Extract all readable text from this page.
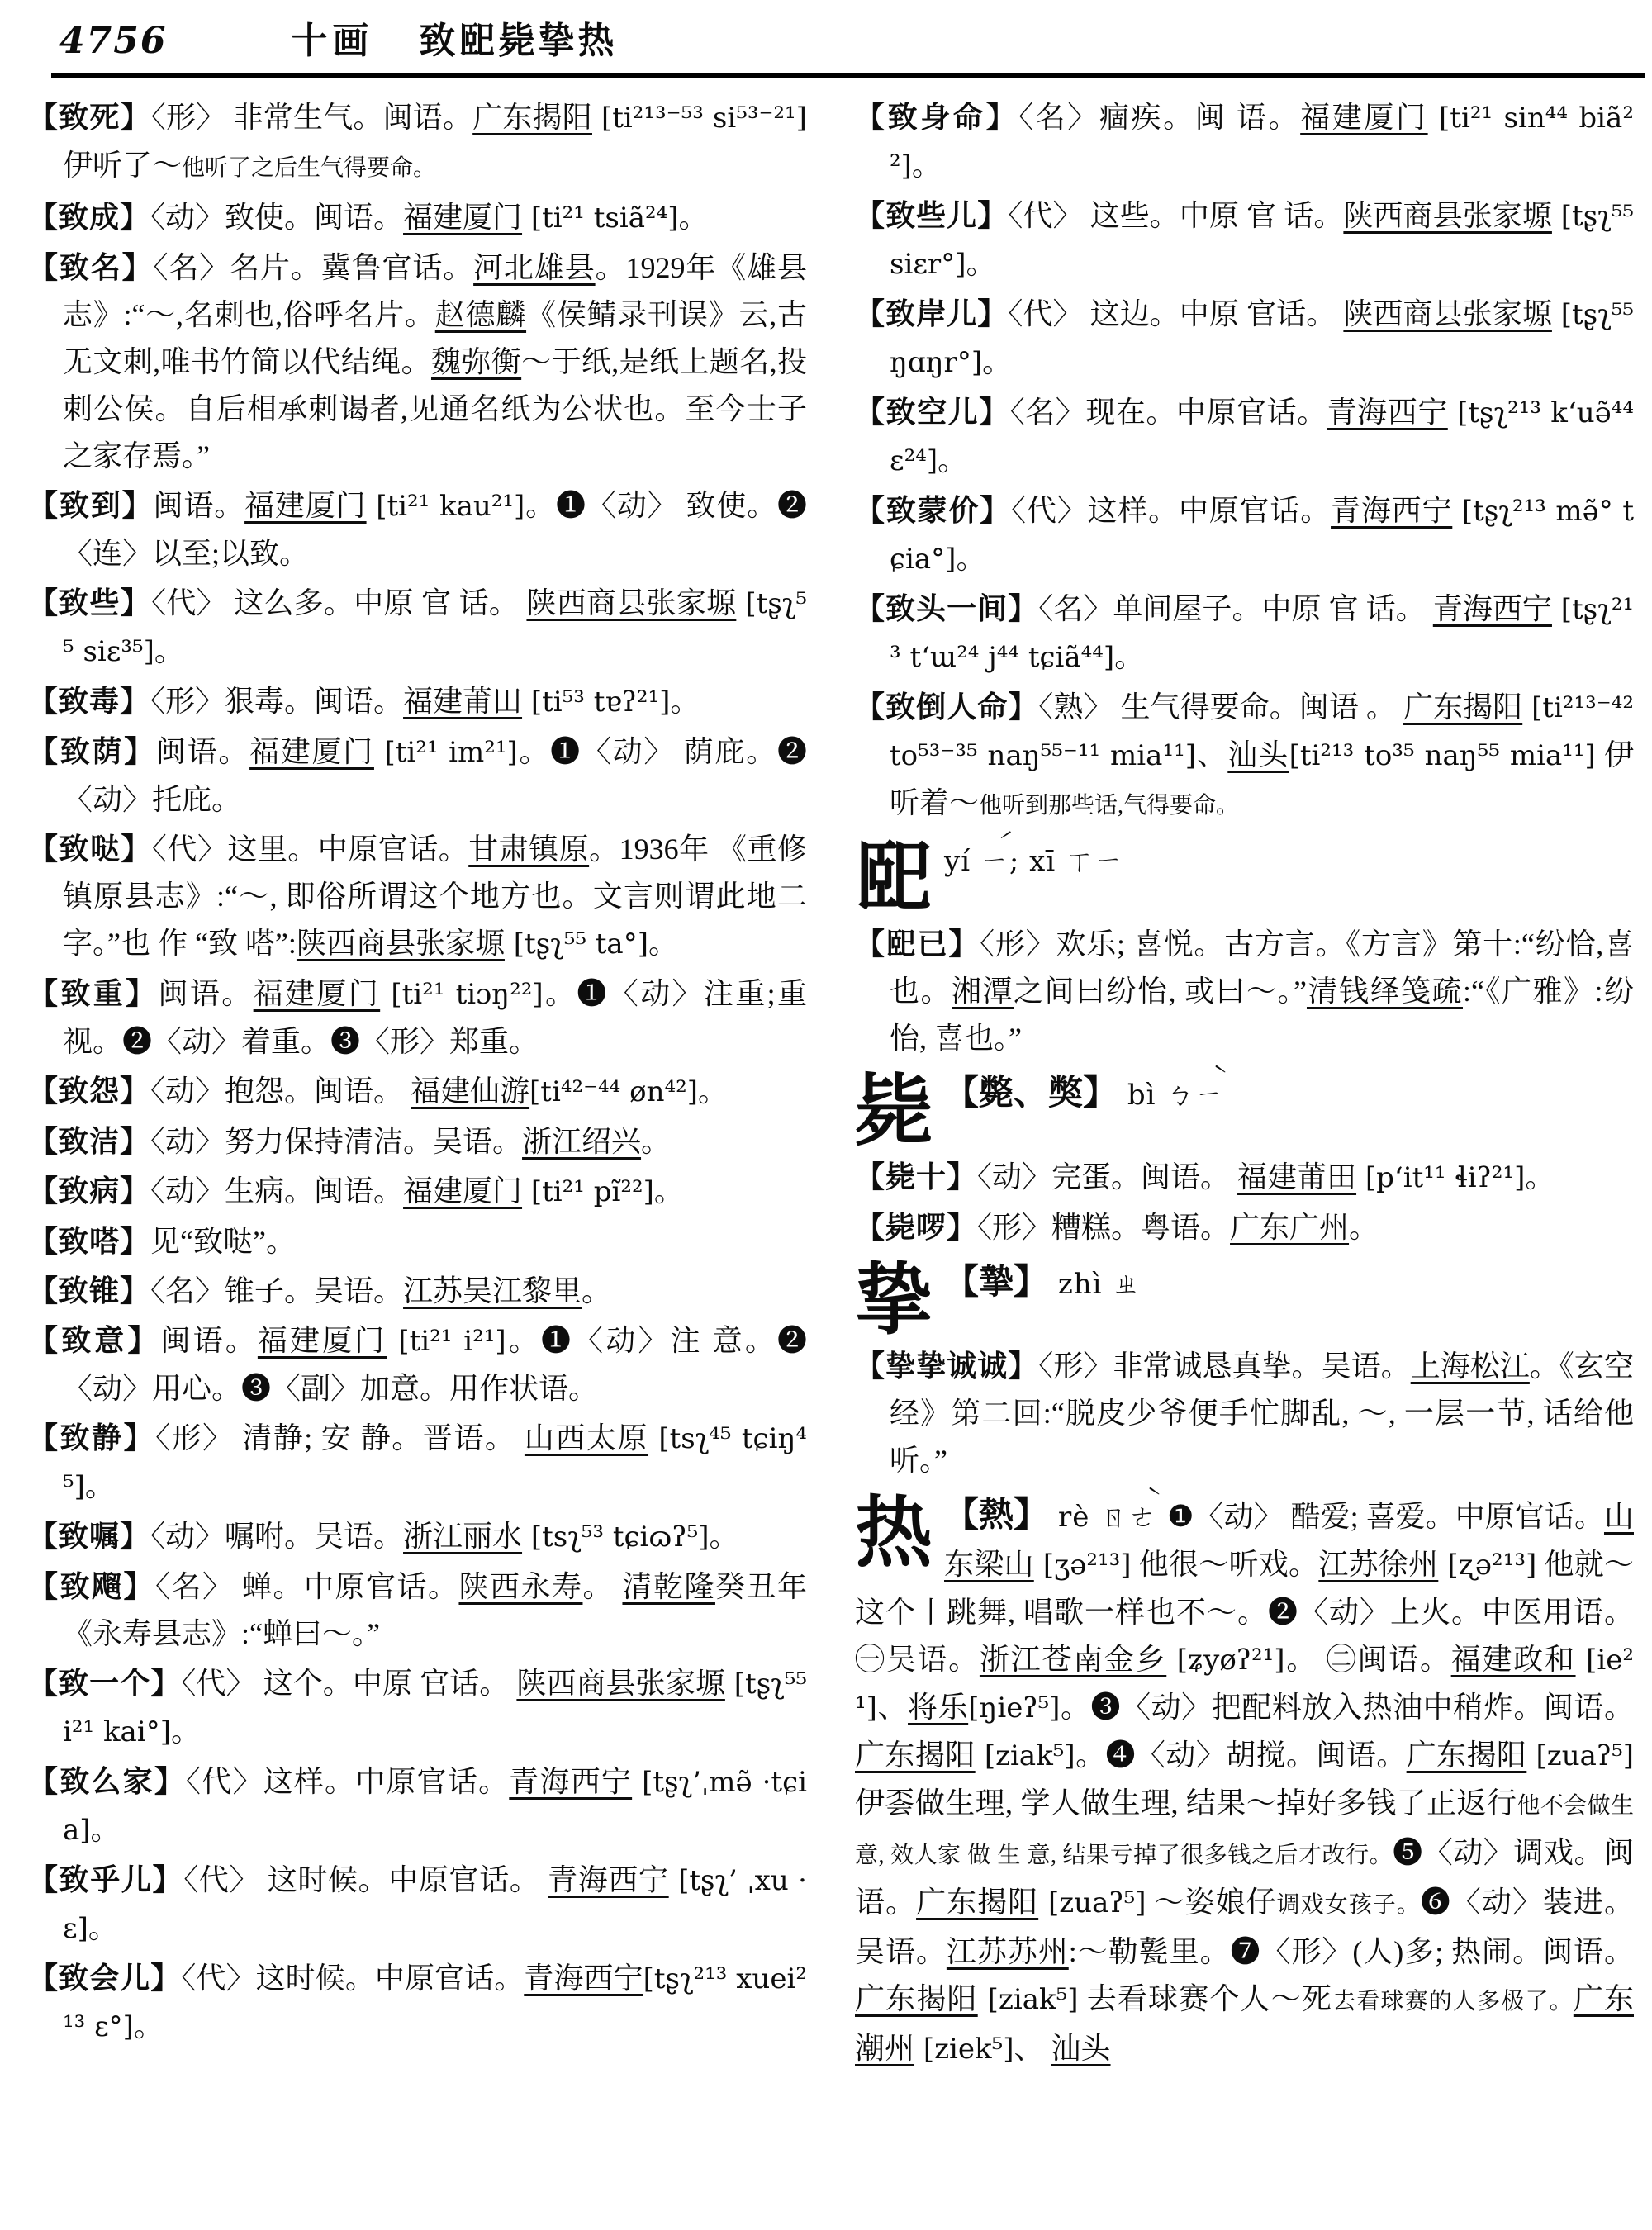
4756	十画 致巸毙挚热
【致死】〈形〉 非常生气。闽语。广东揭阳 [ti²¹³⁻⁵³ si⁵³⁻²¹] 伊听了～他听了之后生气得要命。
【致成】〈动〉致使。闽语。福建厦门 [ti²¹ tsiã²⁴]。
【致名】〈名〉名片。冀鲁官话。河北雄县。1929年《雄县志》:“～,名刺也,俗呼名片。赵德麟《侯鲭录刊误》云,古无文刺,唯书竹简以代结绳。魏弥衡～于纸,是纸上题名,投刺公侯。自后相承刺谒者,见通名纸为公状也。至今士子之家存焉。”
【致到】闽语。福建厦门 [ti²¹ kau²¹]。❶〈动〉 致使。❷〈连〉以至;以致。
【致些】〈代〉 这么多。中原 官 话。 陕西商县张家塬 [tʂʅ⁵⁵ siɛ³⁵]。
【致毒】〈形〉狠毒。闽语。福建莆田 [ti⁵³ tɐʔ²¹]。
【致荫】闽语。福建厦门 [ti²¹ im²¹]。❶〈动〉 荫庇。❷〈动〉托庇。
【致哒】〈代〉这里。中原官话。甘肃镇原。1936年 《重修镇原县志》:“～, 即俗所谓这个地方也。文言则谓此地二字。”也 作 “致 嗒”:陕西商县张家塬 [tʂʅ⁵⁵ ta°]。
【致重】闽语。福建厦门 [ti²¹ tiɔŋ²²]。❶〈动〉注重;重视。❷〈动〉着重。❸〈形〉郑重。
【致怨】〈动〉抱怨。闽语。 福建仙游[ti⁴²⁻⁴⁴ øn⁴²]。
【致洁】〈动〉努力保持清洁。吴语。浙江绍兴。
【致病】〈动〉生病。闽语。福建厦门 [ti²¹ pĩ²²]。
【致嗒】见“致哒”。
【致锥】〈名〉锥子。吴语。江苏吴江黎里。
【致意】闽语。福建厦门 [ti²¹ i²¹]。❶〈动〉注 意。❷〈动〉用心。❸〈副〉加意。用作状语。
【致静】〈形〉 清静; 安 静。晋语。 山西太原 [tsʅ⁴⁵ tɕiŋ⁴⁵]。
【致嘱】〈动〉嘱咐。吴语。浙江丽水 [tsʅ⁵³ tɕiɷʔ⁵]。
【致飗】〈名〉 蝉。中原官话。陕西永寿。 清乾隆癸丑年《永寿县志》:“蝉曰～。”
【致一个】〈代〉 这个。中原 官话。 陕西商县张家塬 [tʂʅ⁵⁵ i²¹ kai°]。
【致么家】〈代〉这样。中原官话。青海西宁 [tʂʅ’ˌmə̃ ·tɕia]。
【致乎儿】〈代〉 这时候。中原官话。 青海西宁 [tʂʅ’ ˌxu ·ɛ]。
【致会儿】〈代〉这时候。中原官话。青海西宁[tʂʅ²¹³ xuei²¹³ ɛ°]。
【致身命】〈名〉痼疾。闽 语。福建厦门 [ti²¹ sin⁴⁴ biã²²]。
【致些儿】〈代〉 这些。中原 官 话。陕西商县张家塬 [tʂʅ⁵⁵ siɛr°]。
【致岸儿】〈代〉 这边。中原 官话。 陕西商县张家塬 [tʂʅ⁵⁵ ŋɑŋr°]。
【致空儿】〈名〉现在。中原官话。青海西宁 [tʂʅ²¹³ k‘uə̃⁴⁴ ɛ²⁴]。
【致蒙价】〈代〉这样。中原官话。青海西宁 [tʂʅ²¹³ mə̃° tɕia°]。
【致头一间】〈名〉单间屋子。中原 官 话。 青海西宁 [tʂʅ²¹³ t‘ɯ²⁴ j⁴⁴ tɕiã⁴⁴]。
【致倒人命】〈熟〉 生气得要命。闽语 。 广东揭阳 [ti²¹³⁻⁴² to⁵³⁻³⁵ naŋ⁵⁵⁻¹¹ mia¹¹]、汕头[ti²¹³ to³⁵ naŋ⁵⁵ mia¹¹] 伊听着～他听到那些话,气得要命。
巸 yí ㄧ́; xī ㄒㄧ
【巸已】〈形〉欢乐; 喜悦。古方言。《方言》第十:“纷恰,喜也。湘潭之间曰纷怡, 或曰～。”清钱绎笺疏:“《广雅》:纷怡, 喜也。”
毙 【斃、獘】 bì ㄅㄧ̀
【毙十】〈动〉完蛋。闽语。 福建莆田 [p‘it¹¹ ɬiʔ²¹]。
【毙啰】〈形〉糟糕。粤语。广东广州。
挚 【摯】 zhì ㄓ
【挚挚诚诚】〈形〉非常诚恳真挚。吴语。上海松江。《玄空经》第二回:“脱皮少爷便手忙脚乱, ～, 一层一节, 话给他听。”
热 【熱】 rè ㄖㄜ̀ ❶〈动〉 酷爱; 喜爱。中原官话。山东梁山 [ʒə²¹³] 他很～听戏。江苏徐州 [ʐə²¹³] 他就～这个丨跳舞, 唱歌一样也不～。❷〈动〉上火。中医用语。㊀吴语。浙江苍南金乡 [ʑyøʔ²¹]。 ㊁闽语。福建政和 [ie²¹]、将乐[ŋieʔ⁵]。❸〈动〉把配料放入热油中稍炸。闽语。广东揭阳 [ziak⁵]。❹〈动〉胡搅。闽语。广东揭阳 [zuaʔ⁵] 伊𠀾做生理, 学人做生理, 结果～掉好多钱了正返行他不会做生意, 效人家 做 生 意, 结果亏掉了很多钱之后才改行。❺〈动〉调戏。闽语。广东揭阳 [zuaʔ⁵] ～姿娘仔调戏女孩子。❻〈动〉装进。吴语。江苏苏州:～勒甏里。❼〈形〉(人)多; 热闹。闽语。广东揭阳 [ziak⁵] 去看球赛个人～死去看球赛的人多极了。广东潮州 [ziek⁵]、 汕头
